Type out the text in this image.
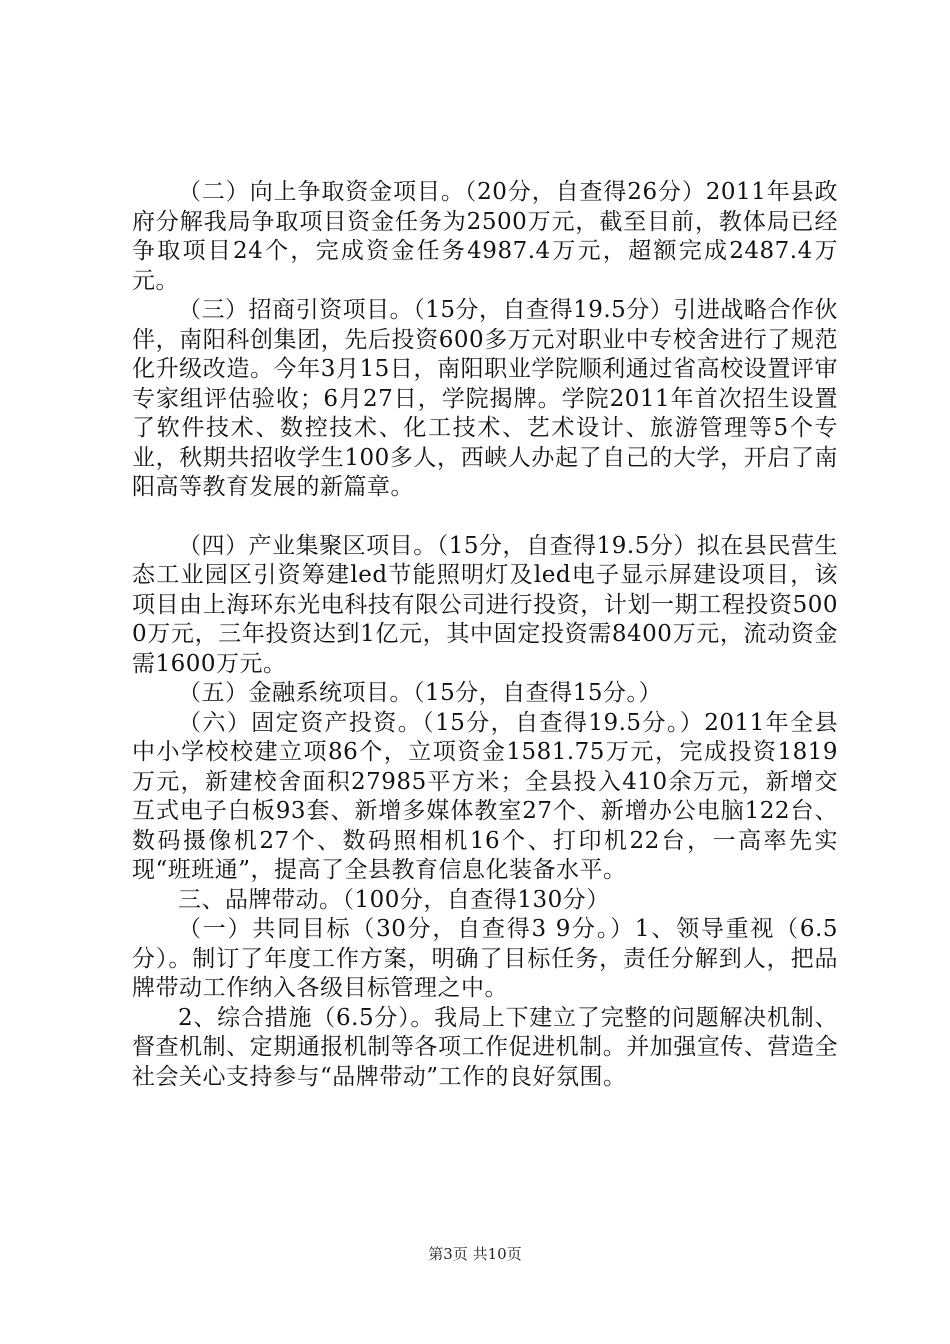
（二）向上争取资金项目。（20分，自查得26分）2011年县政府分解我局争取项目资金任务为2500万元，截至目前，教体局已经争取项目24个，完成资金任务4987.4万元，超额完成2487.4万元。

（三）招商引资项目。（15分，自查得19.5分）引进战略合作伙伴，南阳科创集团，先后投资600多万元对职业中专校舍进行了规范化升级改造。今年3月15日，南阳职业学院顺利通过省高校设置评审专家组评估验收；6月27日，学院揭牌。学院2011年首次招生设置了软件技术、数控技术、化工技术、艺术设计、旅游管理等5个专业，秋期共招收学生100多人，西峡人办起了自己的大学，开启了南阳高等教育发展的新篇章。

（四）产业集聚区项目。（15分，自查得19.5分）拟在县民营生态工业园区引资筹建led节能照明灯及led电子显示屏建设项目，该项目由上海环东光电科技有限公司进行投资，计划一期工程投资5000万元，三年投资达到1亿元，其中固定投资需8400万元，流动资金需1600万元。

（五）金融系统项目。（15分，自查得15分。）

（六）固定资产投资。（15分，自查得19.5分。）2011年全县中小学校校建立项86个，立项资金1581.75万元，完成投资1819万元，新建校舍面积27985平方米；全县投入410余万元，新增交互式电子白板93套、新增多媒体教室27个、新增办公电脑122台、数码摄像机27个、数码照相机16个、打印机22台，一高率先实现“班班通”，提高了全县教育信息化装备水平。

三、品牌带动。（100分，自查得130分）

（一）共同目标（30分，自查得3 9分。）1、领导重视（6.5分）。制订了年度工作方案，明确了目标任务，责任分解到人，把品牌带动工作纳入各级目标管理之中。

2、综合措施（6.5分）。我局上下建立了完整的问题解决机制、督查机制、定期通报机制等各项工作促进机制。并加强宣传、营造全社会关心支持参与“品牌带动”工作的良好氛围。

第3页 共10页
